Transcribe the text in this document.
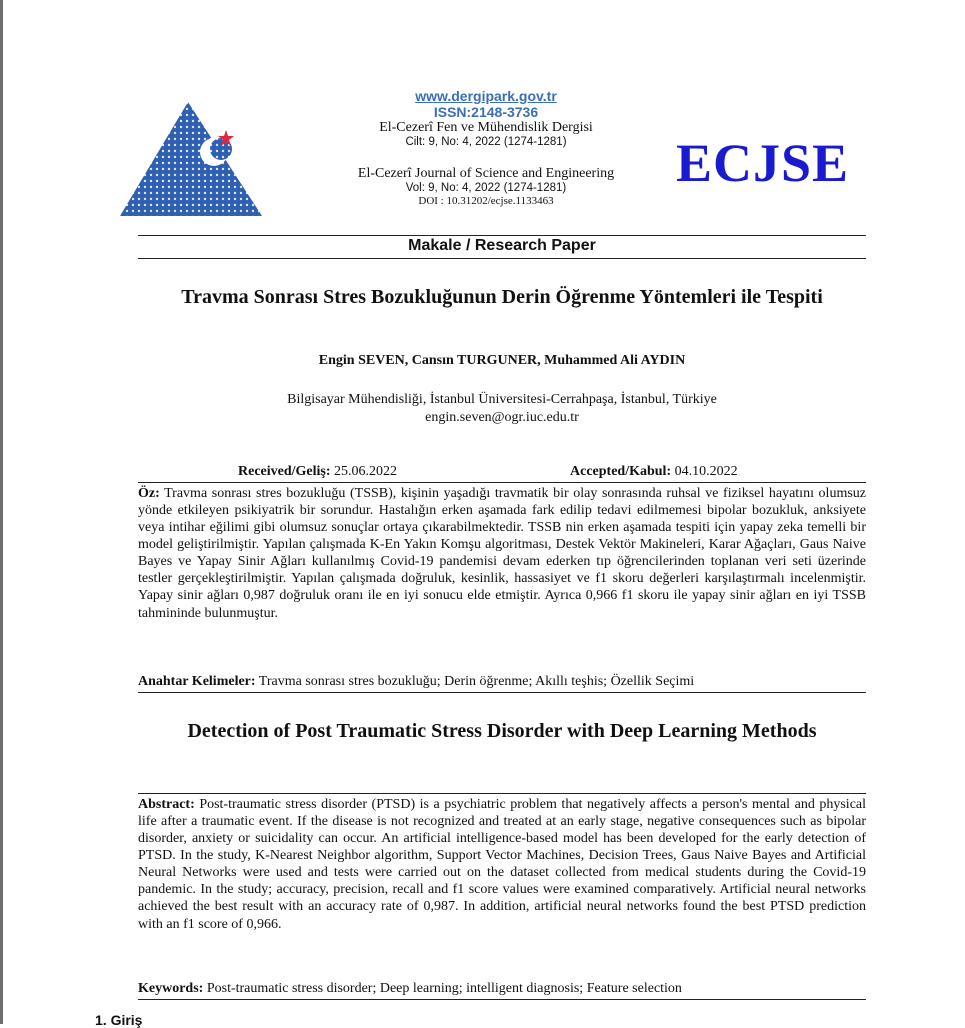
www.dergipark.gov.tr
ISSN:2148-3736
El-Cezerî Fen ve Mühendislik Dergisi
Cilt: 9, No: 4, 2022 (1274-1281)
El-Cezerî Journal of Science and Engineering
Vol: 9, No: 4, 2022 (1274-1281)
DOI : 10.31202/ecjse.1133463
ECJSE
Makale / Research Paper
Travma Sonrası Stres Bozukluğunun Derin Öğrenme Yöntemleri ile Tespiti
Engin SEVEN, Cansın TURGUNER, Muhammed Ali AYDIN
Bilgisayar Mühendisliği, İstanbul Üniversitesi-Cerrahpaşa, İstanbul, Türkiye
engin.seven@ogr.iuc.edu.tr
Received/Geliş: 25.06.2022	Accepted/Kabul: 04.10.2022
Öz: Travma sonrası stres bozukluğu (TSSB), kişinin yaşadığı travmatik bir olay sonrasında ruhsal ve fiziksel hayatını olumsuz yönde etkileyen psikiyatrik bir sorundur. Hastalığın erken aşamada fark edilip tedavi edilmemesi bipolar bozukluk, anksiyete veya intihar eğilimi gibi olumsuz sonuçlar ortaya çıkarabilmektedir. TSSB nin erken aşamada tespiti için yapay zeka temelli bir model geliştirilmiştir. Yapılan çalışmada K-En Yakın Komşu algoritması, Destek Vektör Makineleri, Karar Ağaçları, Gaus Naive Bayes ve Yapay Sinir Ağları kullanılmış Covid-19 pandemisi devam ederken tıp öğrencilerinden toplanan veri seti üzerinde testler gerçekleştirilmiştir. Yapılan çalışmada doğruluk, kesinlik, hassasiyet ve f1 skoru değerleri karşılaştırmalı incelenmiştir. Yapay sinir ağları 0,987 doğruluk oranı ile en iyi sonucu elde etmiştir. Ayrıca 0,966 f1 skoru ile yapay sinir ağları en iyi TSSB tahmininde bulunmuştur.
Anahtar Kelimeler: Travma sonrası stres bozukluğu; Derin öğrenme; Akıllı teşhis; Özellik Seçimi
Detection of Post Traumatic Stress Disorder with Deep Learning Methods
Abstract: Post-traumatic stress disorder (PTSD) is a psychiatric problem that negatively affects a person's mental and physical life after a traumatic event. If the disease is not recognized and treated at an early stage, negative consequences such as bipolar disorder, anxiety or suicidality can occur. An artificial intelligence-based model has been developed for the early detection of PTSD. In the study, K-Nearest Neighbor algorithm, Support Vector Machines, Decision Trees, Gaus Naive Bayes and Artificial Neural Networks were used and tests were carried out on the dataset collected from medical students during the Covid-19 pandemic. In the study; accuracy, precision, recall and f1 score values were examined comparatively. Artificial neural networks achieved the best result with an accuracy rate of 0,987. In addition, artificial neural networks found the best PTSD prediction with an f1 score of 0,966.
Keywords: Post-traumatic stress disorder; Deep learning; intelligent diagnosis; Feature selection
1. Giriş
